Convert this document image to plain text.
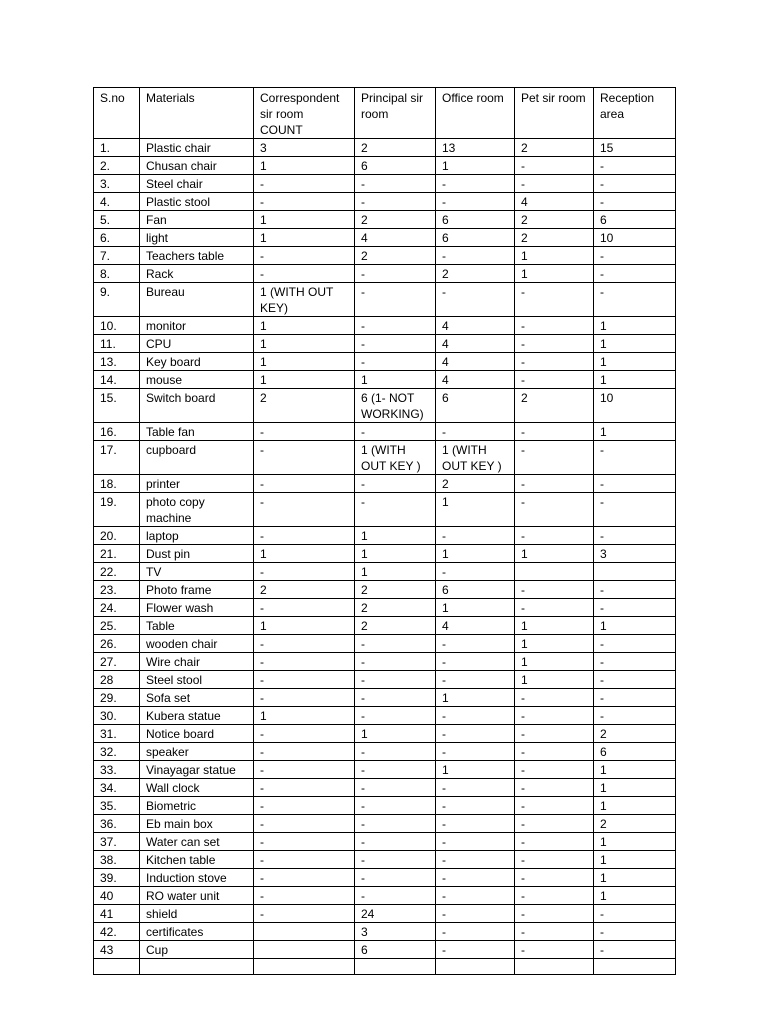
S.no	Materials	Correspondent sir room COUNT	Principal sir room	Office room	Pet sir room	Reception area
1.	Plastic chair	3	2	13	2	15
2.	Chusan chair	1	6	1	-	-
3.	Steel chair	-	-	-	-	-
4.	Plastic stool	-	-	-	4	-
5.	Fan	1	2	6	2	6
6.	light	1	4	6	2	10
7.	Teachers table	-	2	-	1	-
8.	Rack	-	-	2	1	-
9.	Bureau	1 (WITH OUT KEY)	-	-	-	-
10.	monitor	1	-	4	-	1
11.	CPU	1	-	4	-	1
13.	Key board	1	-	4	-	1
14.	mouse	1	1	4	-	1
15.	Switch board	2	6 (1- NOT WORKING)	6	2	10
16.	Table fan	-	-	-	-	1
17.	cupboard	-	1 (WITH OUT KEY )	1 (WITH OUT KEY )	-	-
18.	printer	-	-	2	-	-
19.	photo copy machine	-	-	1	-	-
20.	laptop	-	1	-	-	-
21.	Dust pin	1	1	1	1	3
22.	TV	-	1	-		
23.	Photo frame	2	2	6	-	-
24.	Flower wash	-	2	1	-	-
25.	Table	1	2	4	1	1
26.	wooden chair	-	-	-	1	-
27.	Wire chair	-	-	-	1	-
28	Steel stool	-	-	-	1	-
29.	Sofa set	-	-	1	-	-
30.	Kubera statue	1	-	-	-	-
31.	Notice board	-	1	-	-	2
32.	speaker	-	-	-	-	6
33.	Vinayagar statue	-	-	1	-	1
34.	Wall clock	-	-	-	-	1
35.	Biometric	-	-	-	-	1
36.	Eb main box	-	-	-	-	2
37.	Water can set	-	-	-	-	1
38.	Kitchen table	-	-	-	-	1
39.	Induction stove	-	-	-	-	1
40	RO water unit	-	-	-	-	1
41	shield	-	24	-	-	-
42.	certificates		3	-	-	-
43	Cup		6	-	-	-
